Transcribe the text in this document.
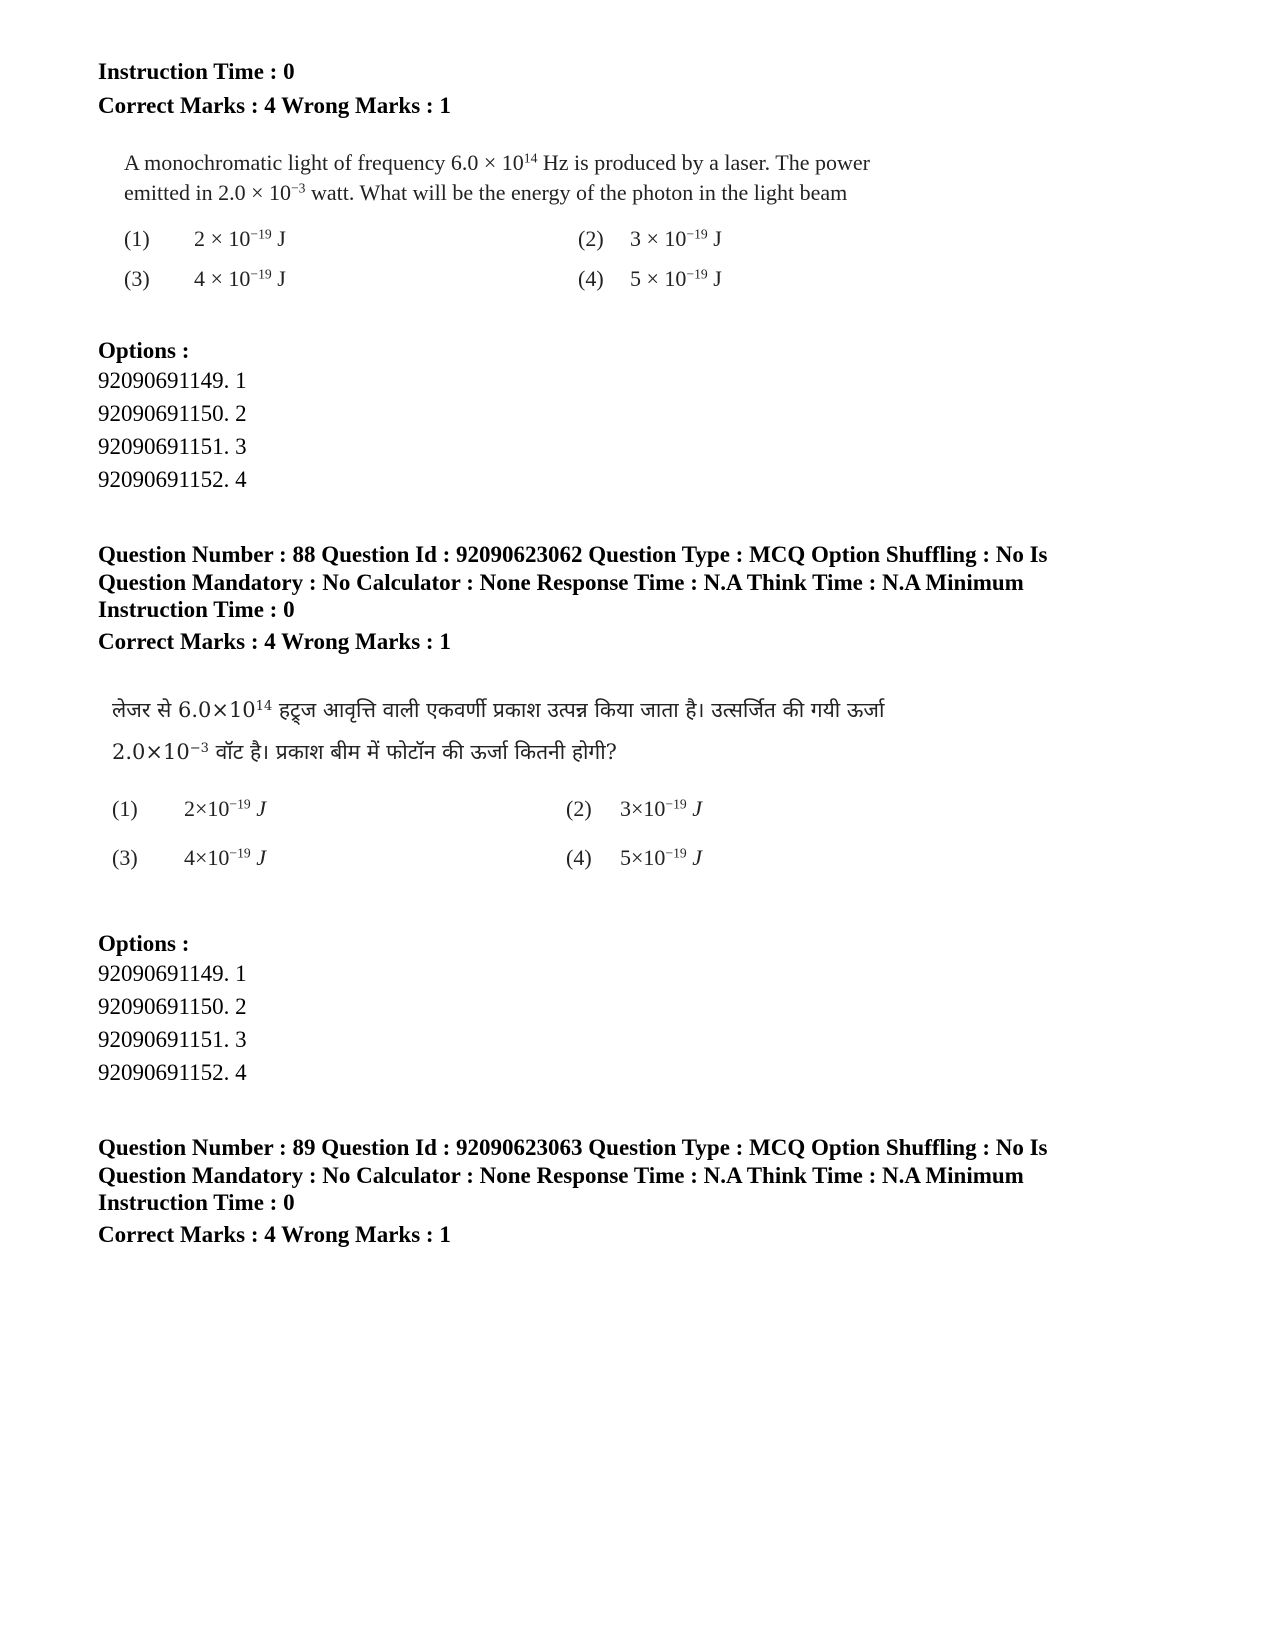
Instruction Time : 0
Correct Marks : 4 Wrong Marks : 1
A monochromatic light of frequency $6.0 \times 10^{14}$ Hz is produced by a laser. The power
emitted in $2.0 \times 10^{-3}$ watt. What will be the energy of the photon in the light beam
(1) $2 \times 10^{-19}$ J	(2) $3 \times 10^{-19}$ J
(3) $4 \times 10^{-19}$ J	(4) $5 \times 10^{-19}$ J
Options :
92090691149. 1
92090691150. 2
92090691151. 3
92090691152. 4
Question Number : 88 Question Id : 92090623062 Question Type : MCQ Option Shuffling : No Is
Question Mandatory : No Calculator : None Response Time : N.A Think Time : N.A Minimum
Instruction Time : 0
Correct Marks : 4 Wrong Marks : 1
लेजर से $6.0\times 10^{14}$ हट्र्ज आवृत्ति वाली एकवर्णी प्रकाश उत्पन्न किया जाता है। उत्सर्जित की गयी ऊर्जा
$2.0\times 10^{-3}$ वॉट है। प्रकाश बीम में फोटॉन की ऊर्जा कितनी होगी?
(1) $2\times 10^{-19}$ J	(2) $3\times 10^{-19}$ J
(3) $4\times 10^{-19}$ J	(4) $5\times 10^{-19}$ J
Options :
92090691149. 1
92090691150. 2
92090691151. 3
92090691152. 4
Question Number : 89 Question Id : 92090623063 Question Type : MCQ Option Shuffling : No Is
Question Mandatory : No Calculator : None Response Time : N.A Think Time : N.A Minimum
Instruction Time : 0
Correct Marks : 4 Wrong Marks : 1
